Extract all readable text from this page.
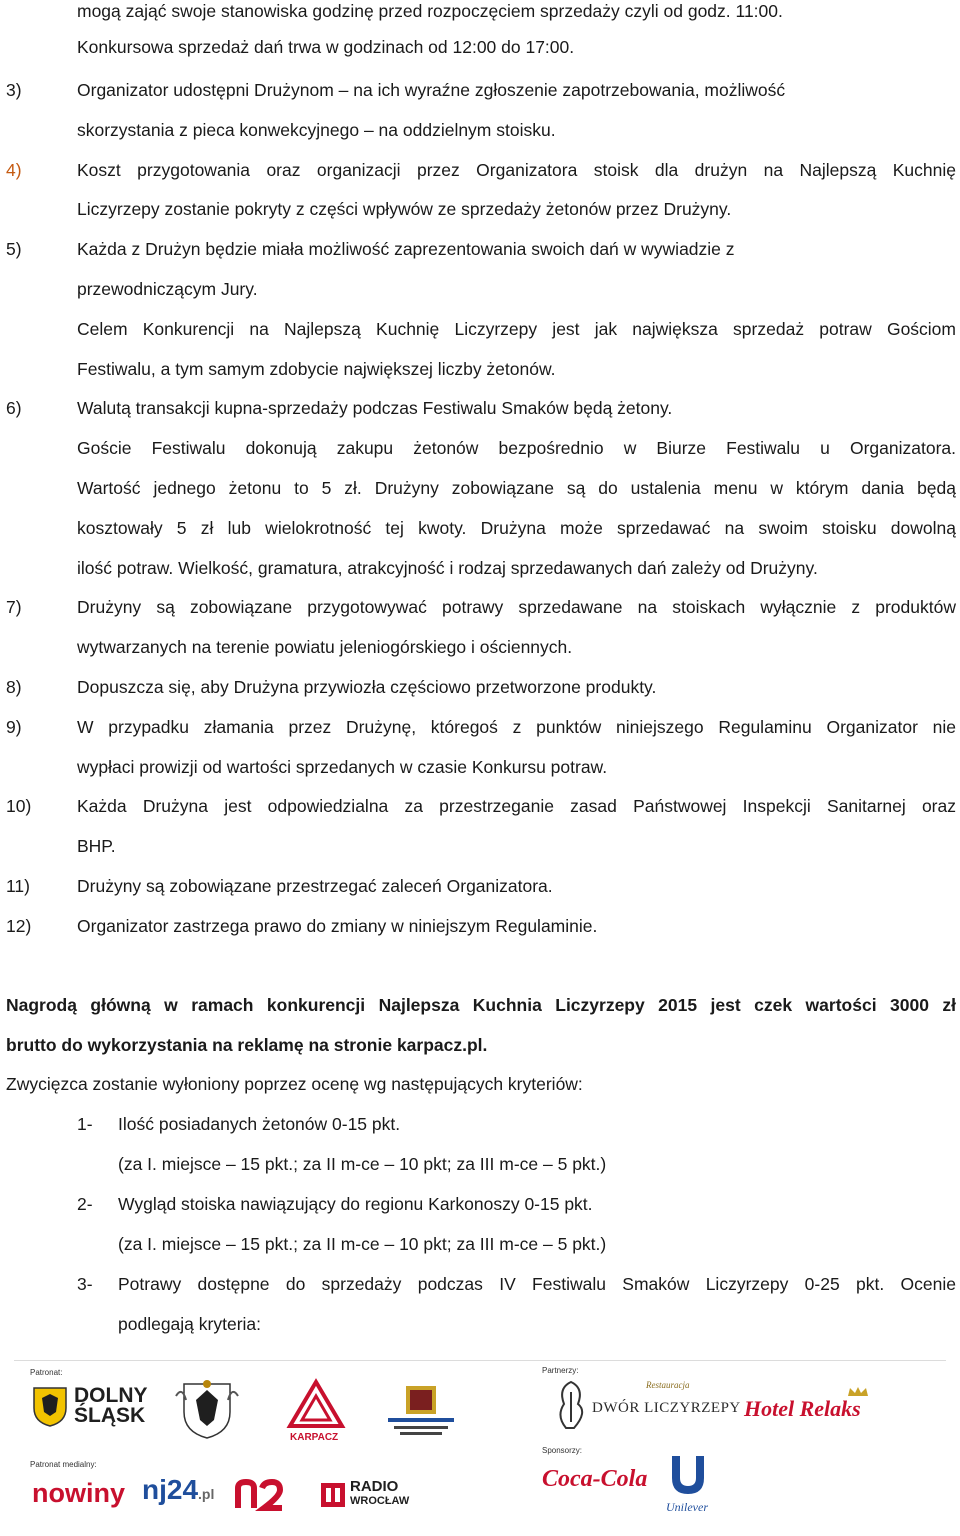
mogą zająć swoje stanowiska godzinę przed rozpoczęciem sprzedaży czyli od godz. 11:00.
Konkursowa sprzedaż dań trwa w godzinach od 12:00 do 17:00.
3)	Organizator udostępni Drużynom – na ich wyraźne zgłoszenie zapotrzebowania, możliwość
skorzystania z pieca konwekcyjnego – na oddzielnym stoisku.
4)	Koszt przygotowania oraz organizacji przez Organizatora stoisk dla drużyn na Najlepszą Kuchnię
Liczyrzepy zostanie pokryty z części wpływów ze sprzedaży żetonów przez Drużyny.
5)	Każda z Drużyn będzie miała możliwość zaprezentowania swoich dań w wywiadzie z
przewodniczącym Jury.
Celem Konkurencji na Najlepszą Kuchnię Liczyrzepy jest jak największa sprzedaż potraw Gościom
Festiwalu, a tym samym zdobycie największej liczby żetonów.
6)	Walutą transakcji kupna-sprzedaży podczas Festiwalu Smaków będą żetony.
Goście Festiwalu dokonują zakupu żetonów bezpośrednio w Biurze Festiwalu u Organizatora.
Wartość jednego żetonu to 5 zł. Drużyny zobowiązane są do ustalenia menu w którym dania będą
kosztowały 5 zł lub wielokrotność tej kwoty. Drużyna może sprzedawać na swoim stoisku dowolną
ilość potraw. Wielkość, gramatura, atrakcyjność i rodzaj sprzedawanych dań zależy od Drużyny.
7)	Drużyny są zobowiązane przygotowywać potrawy sprzedawane na stoiskach wyłącznie z produktów
wytwarzanych na terenie powiatu jeleniogórskiego i ościennych.
8)	Dopuszcza się, aby Drużyna przywiozła częściowo przetworzone produkty.
9)	W przypadku złamania przez Drużynę, któregoś z punktów niniejszego Regulaminu Organizator nie
wypłaci prowizji od wartości sprzedanych w czasie Konkursu potraw.
10)	Każda Drużyna jest odpowiedzialna za przestrzeganie zasad Państwowej Inspekcji Sanitarnej oraz
BHP.
11)	Drużyny są zobowiązane przestrzegać zaleceń Organizatora.
12)	Organizator zastrzega prawo do zmiany w niniejszym Regulaminie.
Nagrodą główną w ramach konkurencji Najlepsza Kuchnia Liczyrzepy 2015 jest czek wartości 3000 zł
brutto do wykorzystania na reklamę na stronie karpacz.pl.
Zwycięzca zostanie wyłoniony poprzez ocenę wg następujących kryteriów:
1- Ilość posiadanych żetonów 0-15 pkt.
(za I. miejsce – 15 pkt.; za II m-ce – 10 pkt; za III m-ce – 5 pkt.)
2- Wygląd stoiska nawiązujący do regionu Karkonoszy 0-15 pkt.
(za I. miejsce – 15 pkt.; za II m-ce – 10 pkt; za III m-ce – 5 pkt.)
3- Potrawy dostępne do sprzedaży podczas IV Festiwalu Smaków Liczyrzepy 0-25 pkt. Ocenie
podlegają kryteria:
Patronat:	Partnerzy:
Patronat medialny:
Sponsorzy:
DOLNY
ŚLĄSK
KARPACZ
Restauracja
DWÓR LICZYRZEPY Hotel Relaks
nowiny nj24.pl	RADIO
WROCŁAW
Coca-Cola
Unilever
